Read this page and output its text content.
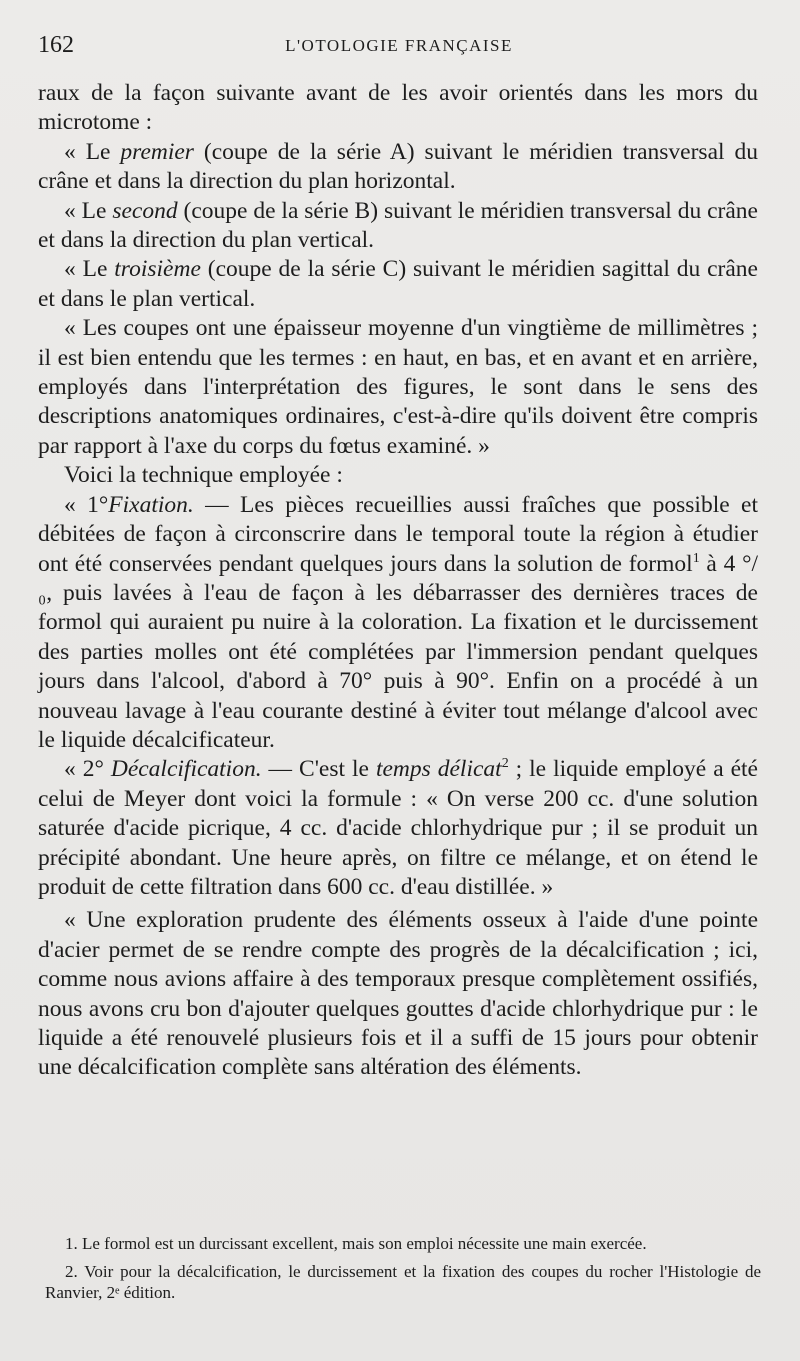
162	L'OTOLOGIE FRANÇAISE

raux de la façon suivante avant de les avoir orientés dans les mors du microtome :

« Le premier (coupe de la série A) suivant le méridien transversal du crâne et dans la direction du plan horizontal.

« Le second (coupe de la série B) suivant le méridien transversal du crâne et dans la direction du plan vertical.

« Le troisième (coupe de la série C) suivant le méridien sagittal du crâne et dans le plan vertical.

« Les coupes ont une épaisseur moyenne d'un vingtième de millimètres ; il est bien entendu que les termes : en haut, en bas, et en avant et en arrière, employés dans l'interprétation des figures, le sont dans le sens des descriptions anatomiques ordinaires, c'est-à-dire qu'ils doivent être compris par rapport à l'axe du corps du fœtus examiné. »

Voici la technique employée :

« 1°Fixation. — Les pièces recueillies aussi fraîches que possible et débitées de façon à circonscrire dans le temporal toute la région à étudier ont été conservées pendant quelques jours dans la solution de formol$^1$ à 4 °/₀, puis lavées à l'eau de façon à les débarrasser des dernières traces de formol qui auraient pu nuire à la coloration. La fixation et le durcissement des parties molles ont été complétées par l'immersion pendant quelques jours dans l'alcool, d'abord à 70° puis à 90°. Enfin on a procédé à un nouveau lavage à l'eau courante destiné à éviter tout mélange d'alcool avec le liquide décalcificateur.

« 2° Décalcification. — C'est le temps délicat$^2$ ; le liquide employé a été celui de Meyer dont voici la formule : « On verse 200 cc. d'une solution saturée d'acide picrique, 4 cc. d'acide chlorhydrique pur ; il se produit un précipité abondant. Une heure après, on filtre ce mélange, et on étend le produit de cette filtration dans 600 cc. d'eau distillée. »

« Une exploration prudente des éléments osseux à l'aide d'une pointe d'acier permet de se rendre compte des progrès de la décalcification ; ici, comme nous avions affaire à des temporaux presque complètement ossifiés, nous avons cru bon d'ajouter quelques gouttes d'acide chlorhydrique pur : le liquide a été renouvelé plusieurs fois et il a suffi de 15 jours pour obtenir une décalcification complète sans altération des éléments.

1. Le formol est un durcissant excellent, mais son emploi nécessite une main exercée.

2. Voir pour la décalcification, le durcissement et la fixation des coupes du rocher l'Histologie de Ranvier, 2ᵉ édition.
